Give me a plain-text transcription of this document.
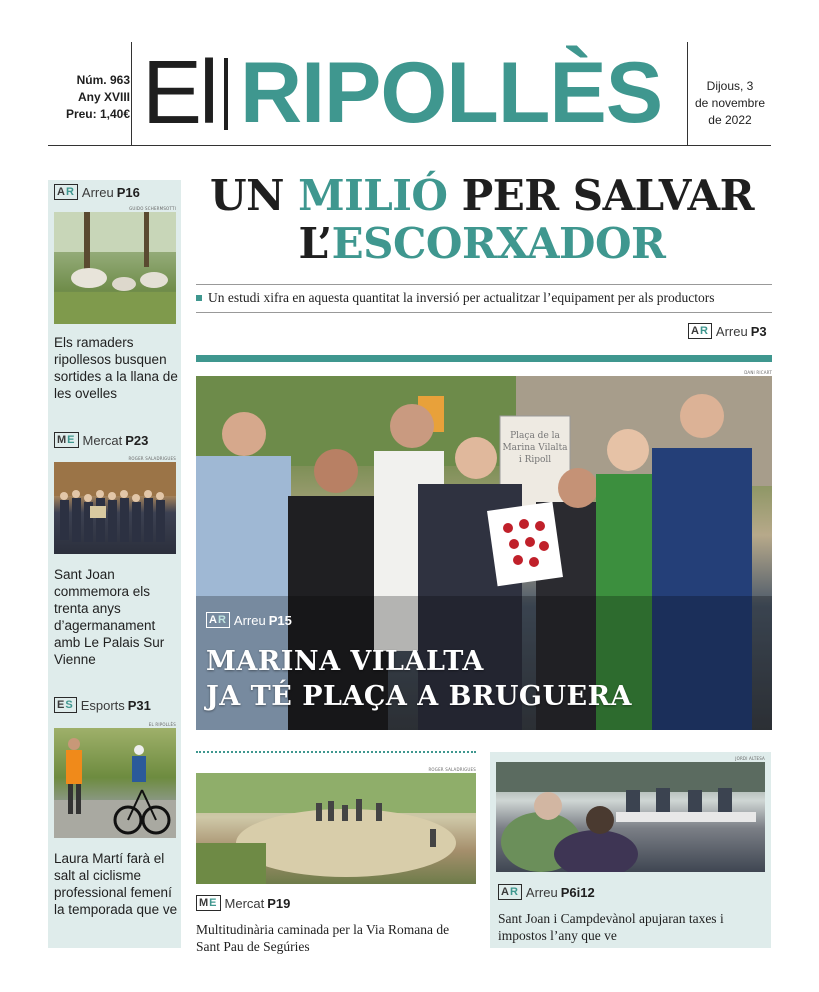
Núm. 963
Any XVIII
Preu: 1,40€ El RIPOLLÈS	Dijous, 3
de novembre
de 2022
AR Arreu P16
GUIDO SCHERMSOTTI
Els ramaders ripollesos busquen sortides a la llana de les ovelles
ME Mercat P23
ROGER SALADRIGUES
Sant Joan commemora els trenta anys d’agermanament amb Le Palais Sur Vienne
ES Esports P31
EL RIPOLLÈS
Laura Martí farà el salt al ciclisme professional femení la temporada que ve
UN MILIÓ PER SALVAR
L’ESCORXADOR
Un estudi xifra en aquesta quantitat la inversió per actualitzar l’equipament per als productors
AR Arreu P3
DANI RICART
Plaça de la
Marina Vilalta
i Ripoll
AR Arreu P15
MARINA VILALTA
JA TÉ PLAÇA A BRUGUERA
ROGER SALADRIGUES
ME Mercat P19
Multitudinària caminada per la Via Romana de Sant Pau de Segúries
JORDI ALTESA
AR Arreu P6i12
Sant Joan i Campdevànol apujaran taxes i impostos l’any que ve
